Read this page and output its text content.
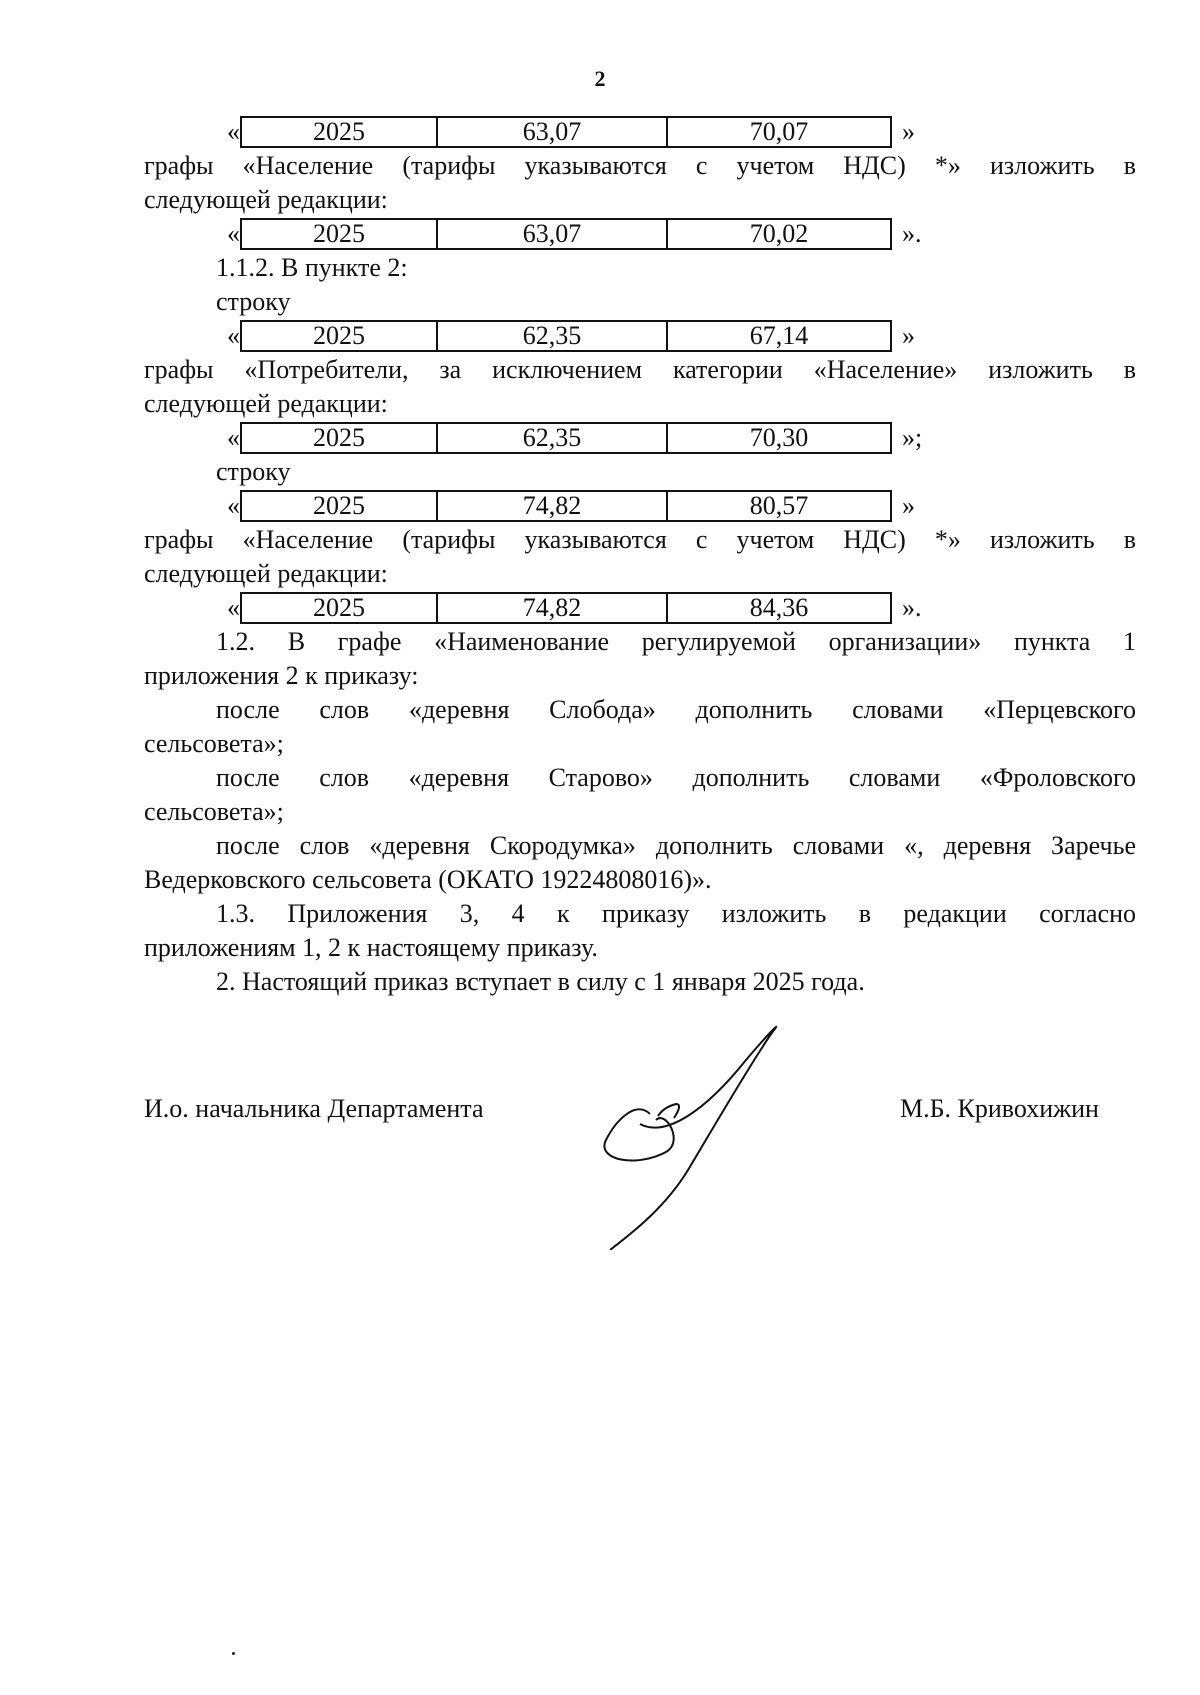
2
«	2025	63,07	70,07	»
графы «Население (тарифы указываются с учетом НДС) *» изложить в
следующей редакции:
«	2025	63,07	70,02	».
1.1.2. В пункте 2:
строку
«	2025	62,35	67,14	»
графы «Потребители, за исключением категории «Население» изложить в
следующей редакции:
«	2025	62,35	70,30	»;
строку
«	2025	74,82	80,57	»
графы «Население (тарифы указываются с учетом НДС) *» изложить в
следующей редакции:
«	2025	74,82	84,36	».
1.2. В графе «Наименование регулируемой организации» пункта 1
приложения 2 к приказу:
после слов «деревня Слобода» дополнить словами «Перцевского
сельсовета»;
после слов «деревня Старово» дополнить словами «Фроловского
сельсовета»;
после слов «деревня Скородумка» дополнить словами «, деревня Заречье
Ведерковского сельсовета (ОКАТО 19224808016)».
1.3. Приложения 3, 4 к приказу изложить в редакции согласно
приложениям 1, 2 к настоящему приказу.
2. Настоящий приказ вступает в силу с 1 января 2025 года.
И.о. начальника Департамента	М.Б. Кривохижин
